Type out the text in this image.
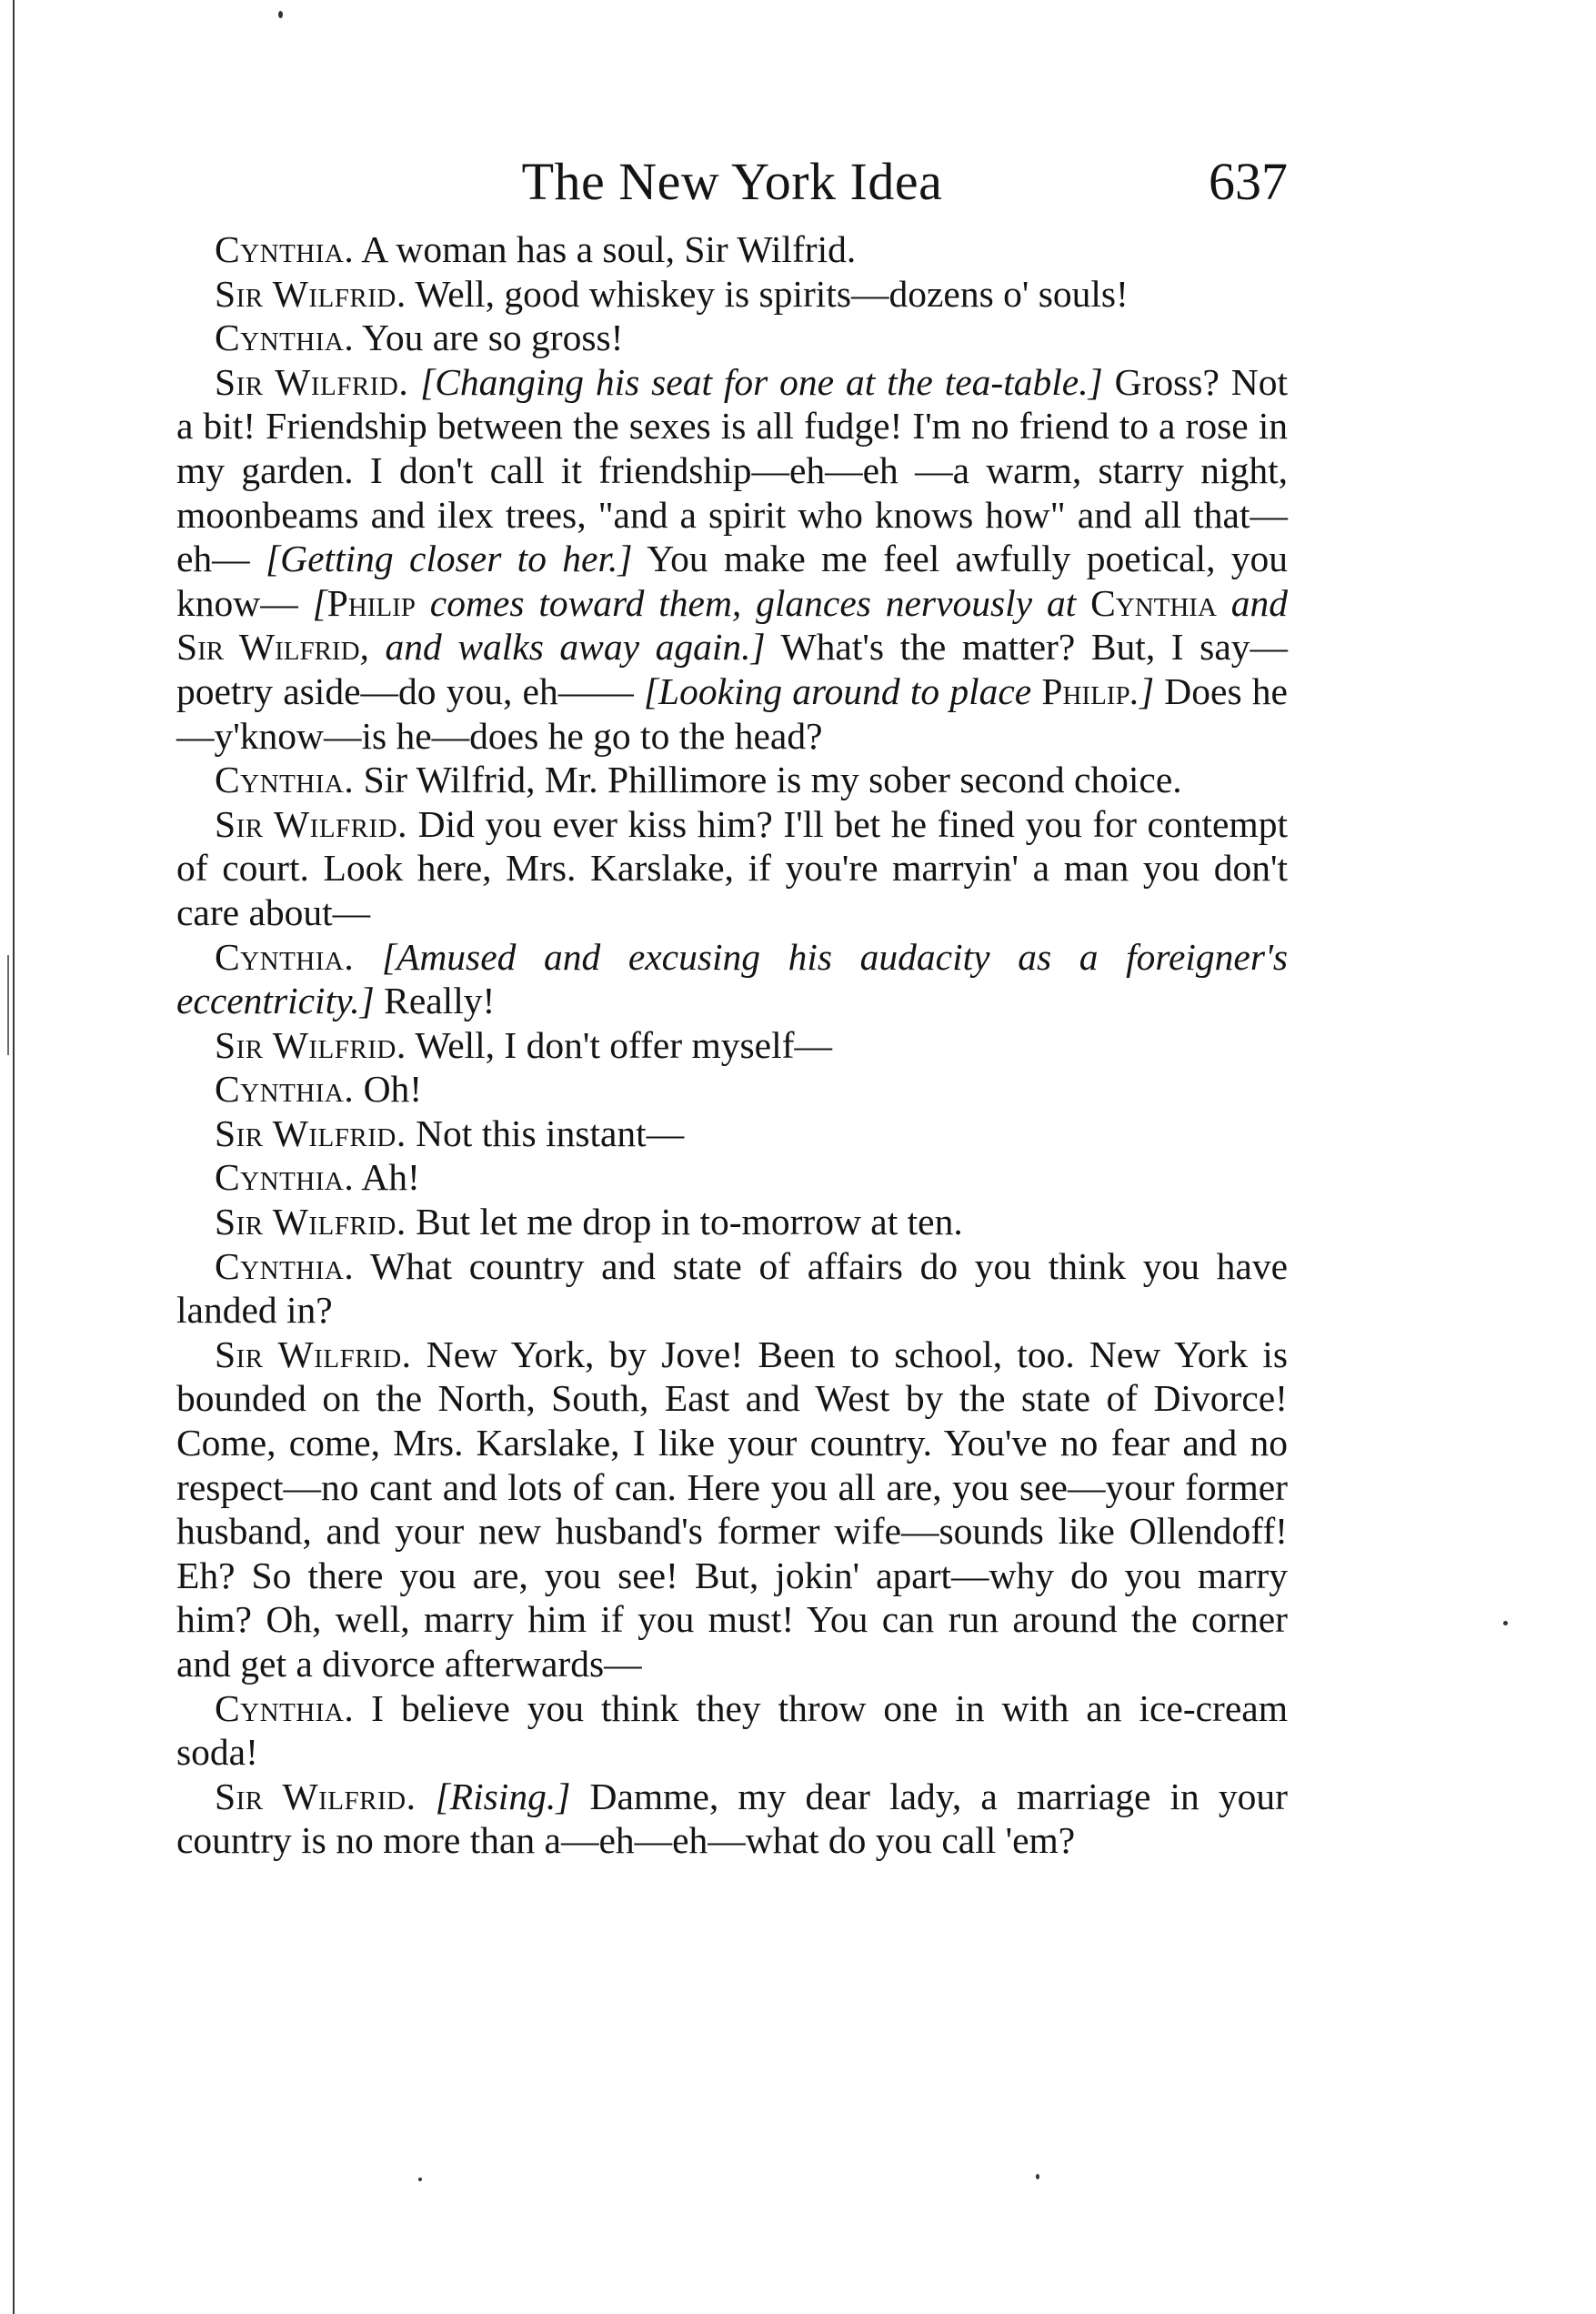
The New York Idea	637

Cynthia. A woman has a soul, Sir Wilfrid.

Sir Wilfrid. Well, good whiskey is spirits—dozens o' souls!

Cynthia. You are so gross!

Sir Wilfrid. [Changing his seat for one at the tea-table.] Gross? Not a bit! Friendship between the sexes is all fudge! I'm no friend to a rose in my garden. I don't call it friendship—eh—eh —a warm, starry night, moonbeams and ilex trees, "and a spirit who knows how" and all that—eh— [Getting closer to her.] You make me feel awfully poetical, you know— [Philip comes toward them, glances nervously at Cynthia and Sir Wilfrid, and walks away again.] What's the matter? But, I say—poetry aside—do you, eh—— [Looking around to place Philip.] Does he—y'know—is he—does he go to the head?

Cynthia. Sir Wilfrid, Mr. Phillimore is my sober second choice.

Sir Wilfrid. Did you ever kiss him? I'll bet he fined you for contempt of court. Look here, Mrs. Karslake, if you're marryin' a man you don't care about—

Cynthia. [Amused and excusing his audacity as a foreigner's eccentricity.] Really!

Sir Wilfrid. Well, I don't offer myself—

Cynthia. Oh!

Sir Wilfrid. Not this instant—

Cynthia. Ah!

Sir Wilfrid. But let me drop in to-morrow at ten.

Cynthia. What country and state of affairs do you think you have landed in?

Sir Wilfrid. New York, by Jove! Been to school, too. New York is bounded on the North, South, East and West by the state of Divorce! Come, come, Mrs. Karslake, I like your country. You've no fear and no respect—no cant and lots of can. Here you all are, you see—your former husband, and your new husband's former wife—sounds like Ollendoff! Eh? So there you are, you see! But, jokin' apart—why do you marry him? Oh, well, marry him if you must! You can run around the corner and get a divorce afterwards—

Cynthia. I believe you think they throw one in with an ice-cream soda!

Sir Wilfrid. [Rising.] Damme, my dear lady, a marriage in your country is no more than a—eh—eh—what do you call 'em?
